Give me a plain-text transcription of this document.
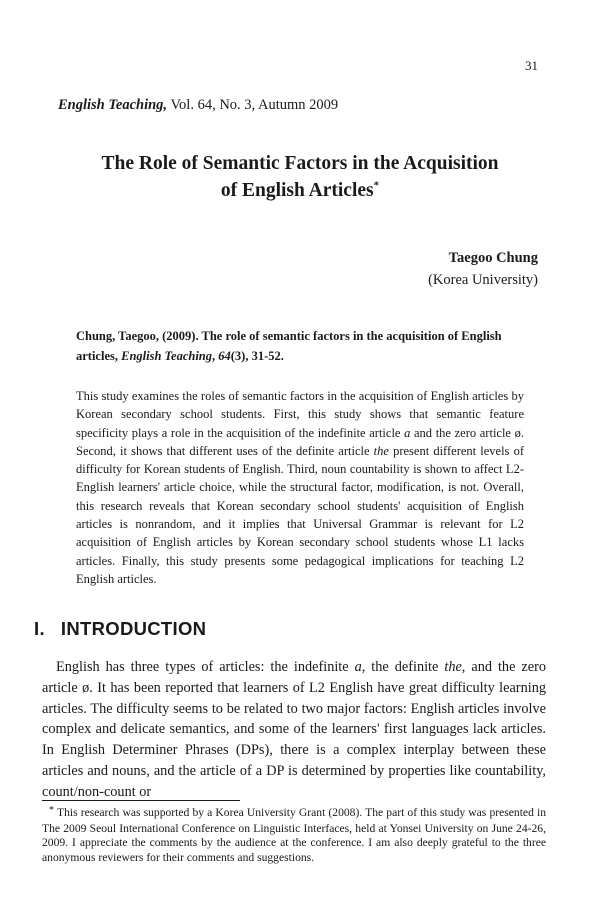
31
English Teaching, Vol. 64, No. 3, Autumn 2009
The Role of Semantic Factors in the Acquisition
of English Articles*
Taegoo Chung
(Korea University)
Chung, Taegoo, (2009). The role of semantic factors in the acquisition of English articles, English Teaching, 64(3), 31-52.
This study examines the roles of semantic factors in the acquisition of English articles by Korean secondary school students. First, this study shows that semantic feature specificity plays a role in the acquisition of the indefinite article a and the zero article ø. Second, it shows that different uses of the definite article the present different levels of difficulty for Korean students of English. Third, noun countability is shown to affect L2-English learners' article choice, while the structural factor, modification, is not. Overall, this research reveals that Korean secondary school students' acquisition of English articles is nonrandom, and it implies that Universal Grammar is relevant for L2 acquisition of English articles by Korean secondary school students whose L1 lacks articles. Finally, this study presents some pedagogical implications for teaching L2 English articles.
I. INTRODUCTION
English has three types of articles: the indefinite a, the definite the, and the zero article ø. It has been reported that learners of L2 English have great difficulty learning articles. The difficulty seems to be related to two major factors: English articles involve complex and delicate semantics, and some of the learners' first languages lack articles. In English Determiner Phrases (DPs), there is a complex interplay between these articles and nouns, and the article of a DP is determined by properties like countability, count/non-count or
* This research was supported by a Korea University Grant (2008). The part of this study was presented in The 2009 Seoul International Conference on Linguistic Interfaces, held at Yonsei University on June 24-26, 2009. I appreciate the comments by the audience at the conference. I am also deeply grateful to the three anonymous reviewers for their comments and suggestions.
